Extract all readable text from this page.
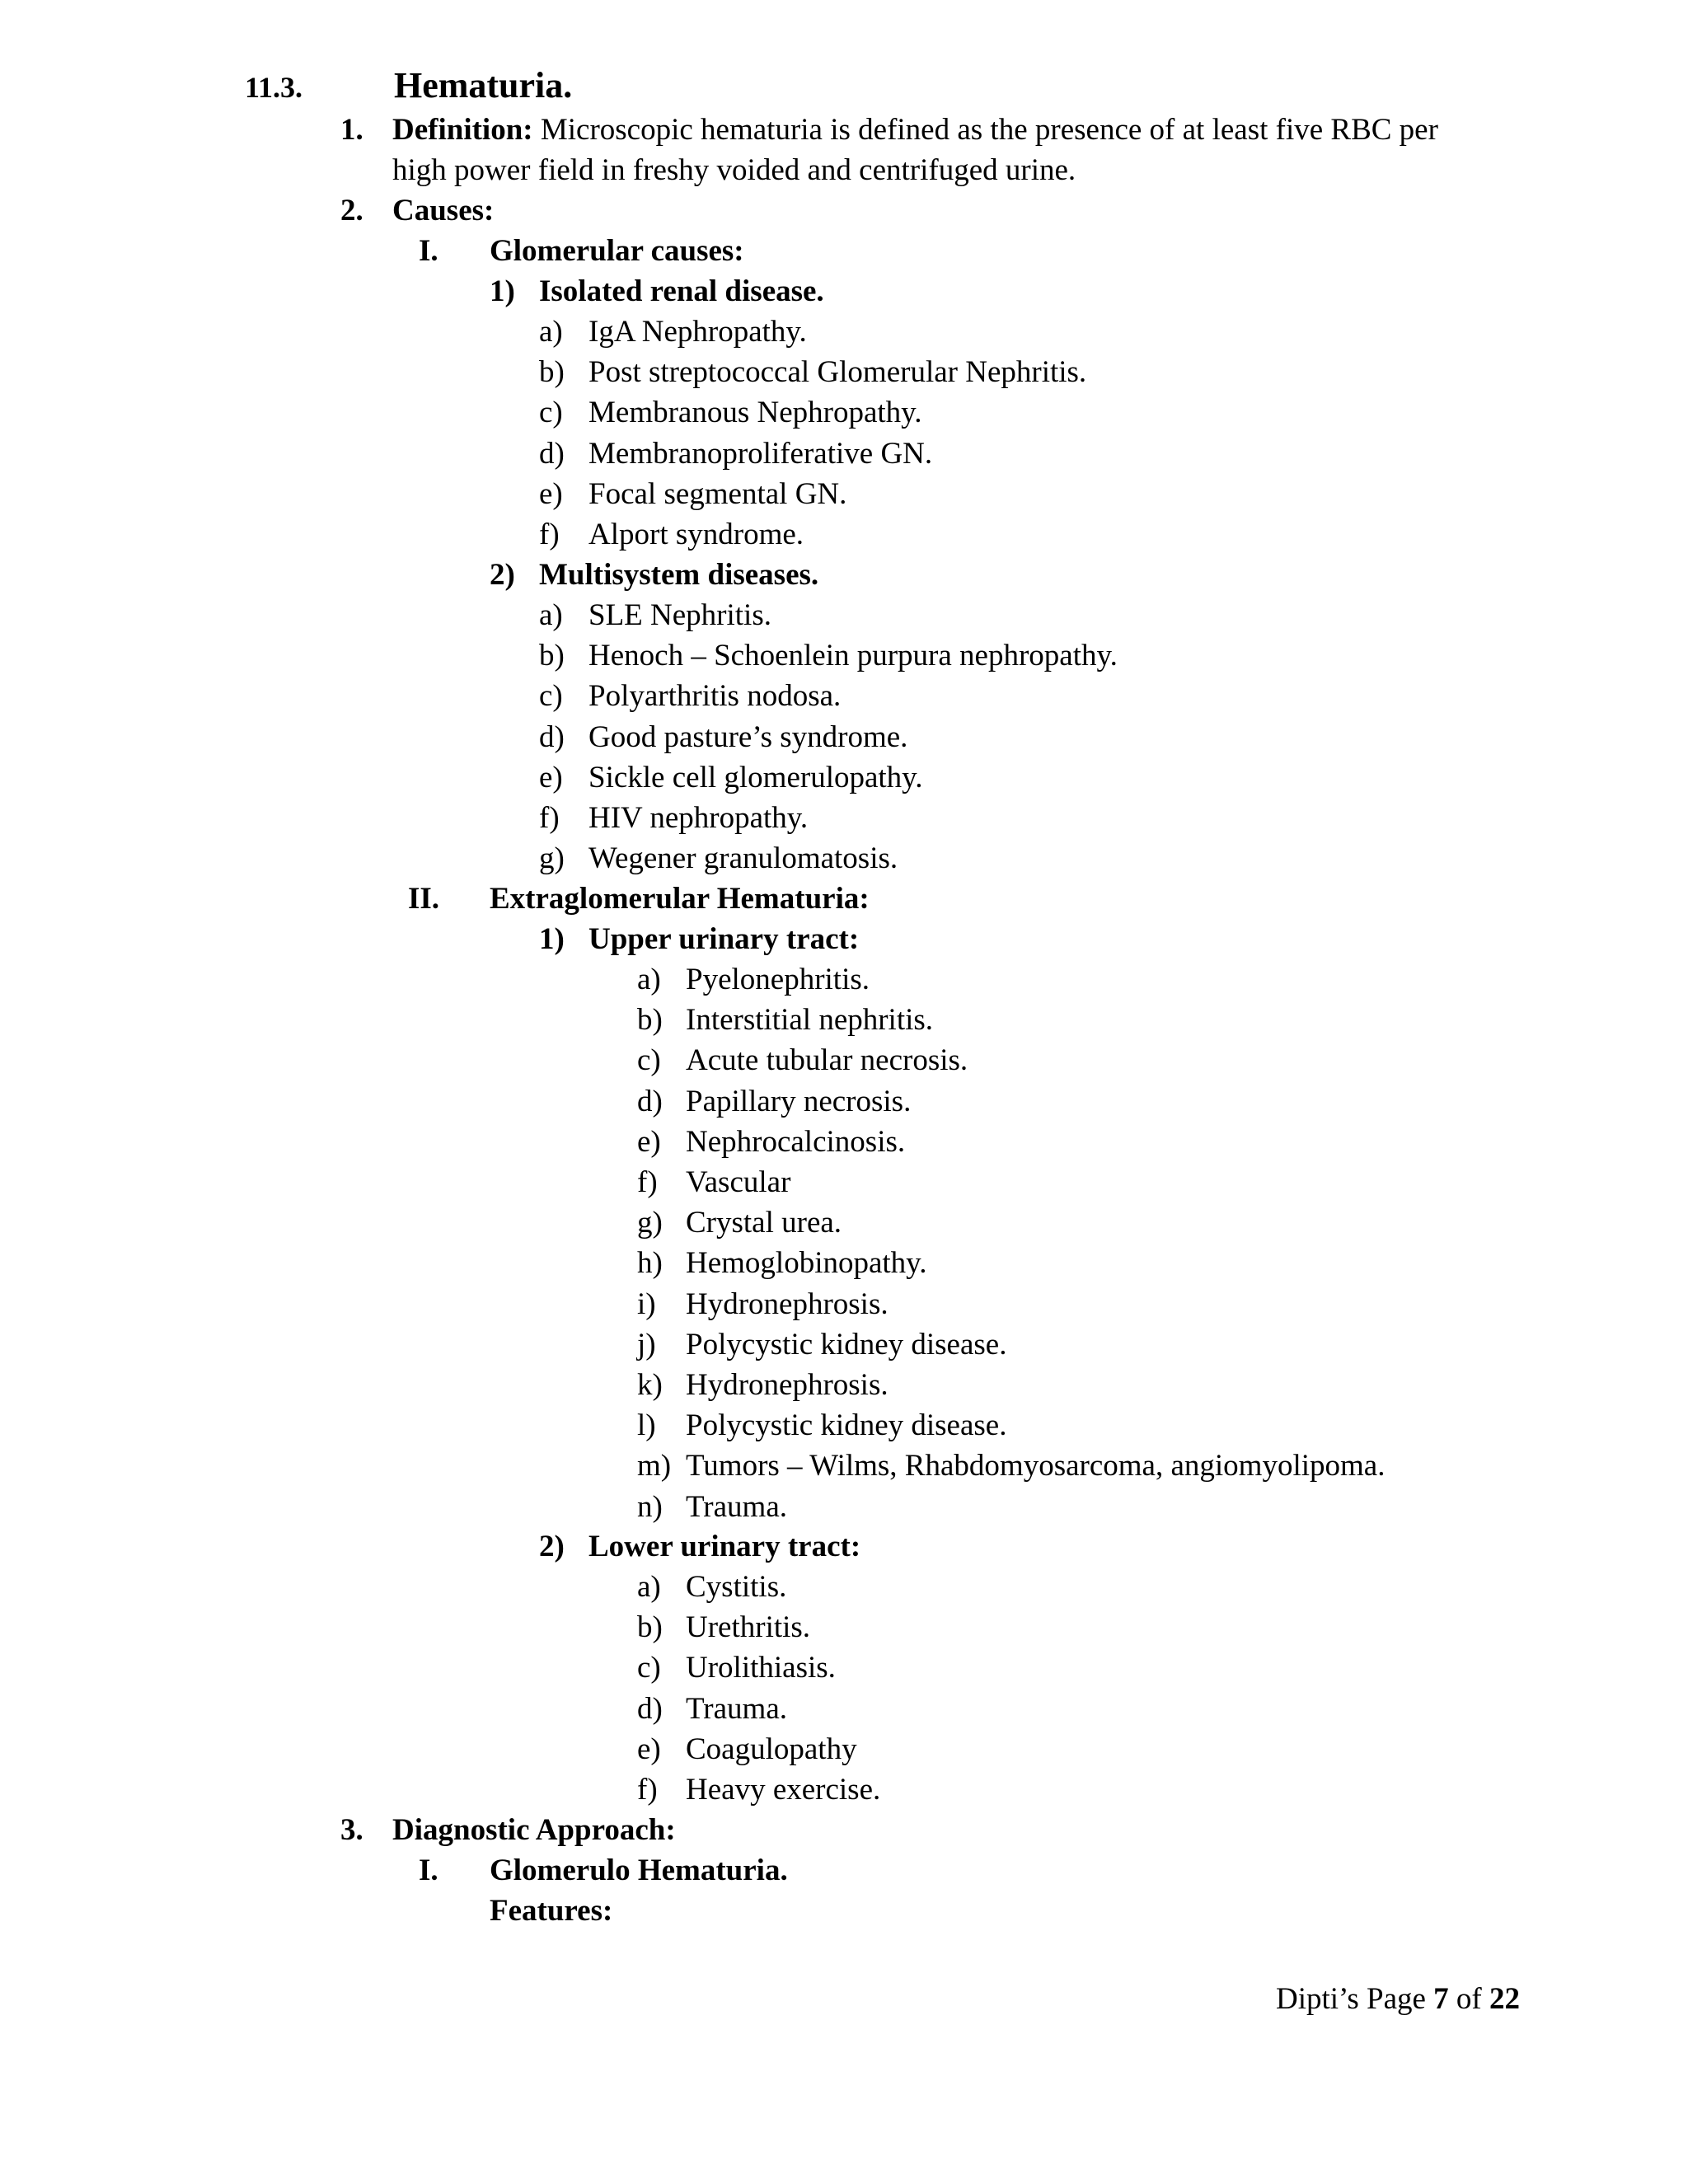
11.3.	Hematuria.
1. Definition: Microscopic hematuria is defined as the presence of at least five RBC per
high power field in freshy voided and centrifuged urine.
2. Causes:
I. Glomerular causes:
1) Isolated renal disease.
a) IgA Nephropathy.
b) Post streptococcal Glomerular Nephritis.
c) Membranous Nephropathy.
d) Membranoproliferative GN.
e) Focal segmental GN.
f) Alport syndrome.
2) Multisystem diseases.
a) SLE Nephritis.
b) Henoch – Schoenlein purpura nephropathy.
c) Polyarthritis nodosa.
d) Good pasture’s syndrome.
e) Sickle cell glomerulopathy.
f) HIV nephropathy.
g) Wegener granulomatosis.
II. Extraglomerular Hematuria:
1) Upper urinary tract:
a) Pyelonephritis.
b) Interstitial nephritis.
c) Acute tubular necrosis.
d) Papillary necrosis.
e) Nephrocalcinosis.
f) Vascular
g) Crystal urea.
h) Hemoglobinopathy.
i) Hydronephrosis.
j) Polycystic kidney disease.
k) Hydronephrosis.
l) Polycystic kidney disease.
m) Tumors – Wilms, Rhabdomyosarcoma, angiomyolipoma.
n) Trauma.
2) Lower urinary tract:
a) Cystitis.
b) Urethritis.
c) Urolithiasis.
d) Trauma.
e) Coagulopathy
f) Heavy exercise.
3. Diagnostic Approach:
I. Glomerulo Hematuria.
Features:
Dipti’s Page 7 of 22
